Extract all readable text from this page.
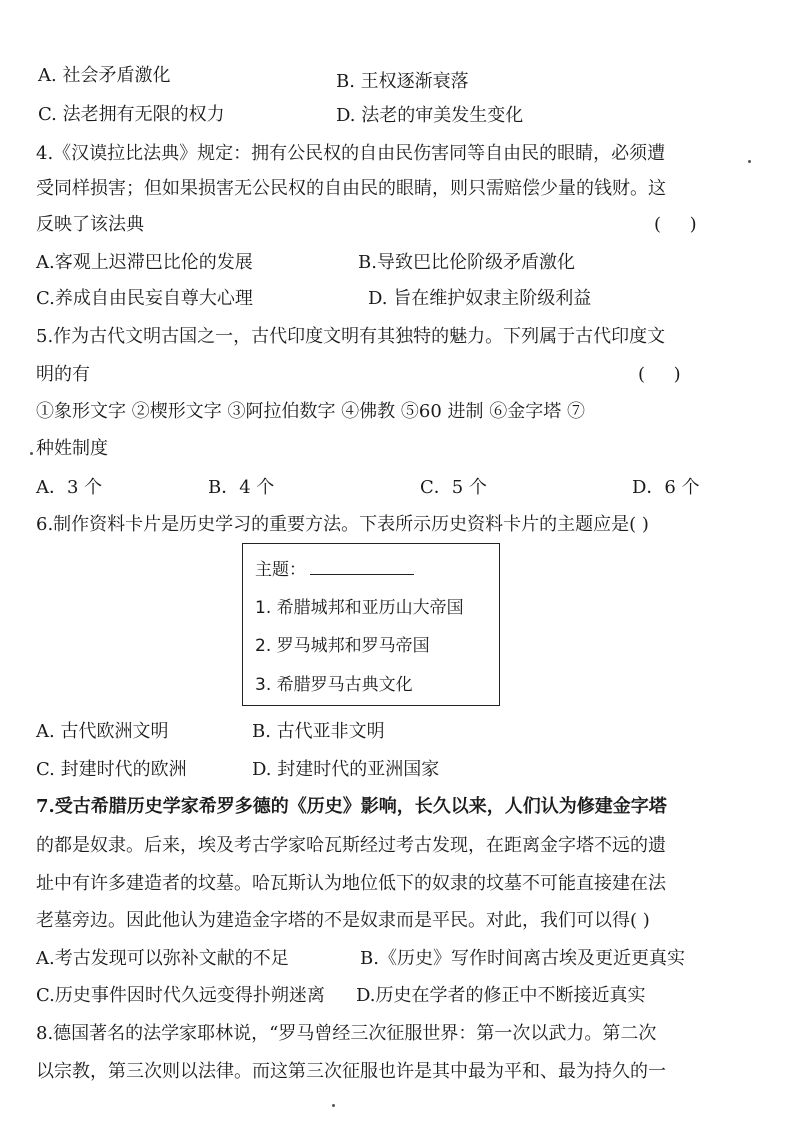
A. 社会矛盾激化	B. 王权逐渐衰落
C. 法老拥有无限的权力	D. 法老的审美发生变化
4.《汉谟拉比法典》规定：拥有公民权的自由民伤害同等自由民的眼睛，必须遭
受同样损害；但如果损害无公民权的自由民的眼睛，则只需赔偿少量的钱财。这
反映了该法典	(     )
A.客观上迟滞巴比伦的发展	B.导致巴比伦阶级矛盾激化
C.养成自由民妄自尊大心理	D. 旨在维护奴隶主阶级利益
5.作为古代文明古国之一，古代印度文明有其独特的魅力。下列属于古代印度文
明的有	(     )
①象形文字 ②楔形文字 ③阿拉伯数字 ④佛教 ⑤60 进制 ⑥金字塔 ⑦
种姓制度
A．3 个	B．4 个	C．5 个	D．6 个
6.制作资料卡片是历史学习的重要方法。下表所示历史资料卡片的主题应是( )
主题：
1. 希腊城邦和亚历山大帝国
2. 罗马城邦和罗马帝国
3. 希腊罗马古典文化
A. 古代欧洲文明	B. 古代亚非文明
C. 封建时代的欧洲	D. 封建时代的亚洲国家
7.受古希腊历史学家希罗多德的《历史》影响，长久以来，人们认为修建金字塔
的都是奴隶。后来，埃及考古学家哈瓦斯经过考古发现，在距离金字塔不远的遗
址中有许多建造者的坟墓。哈瓦斯认为地位低下的奴隶的坟墓不可能直接建在法
老墓旁边。因此他认为建造金字塔的不是奴隶而是平民。对此，我们可以得( )
A.考古发现可以弥补文献的不足	B.《历史》写作时间离古埃及更近更真实
C.历史事件因时代久远变得扑朔迷离 D.历史在学者的修正中不断接近真实
8.德国著名的法学家耶林说，“罗马曾经三次征服世界：第一次以武力。第二次
以宗教，第三次则以法律。而这第三次征服也许是其中最为平和、最为持久的一
